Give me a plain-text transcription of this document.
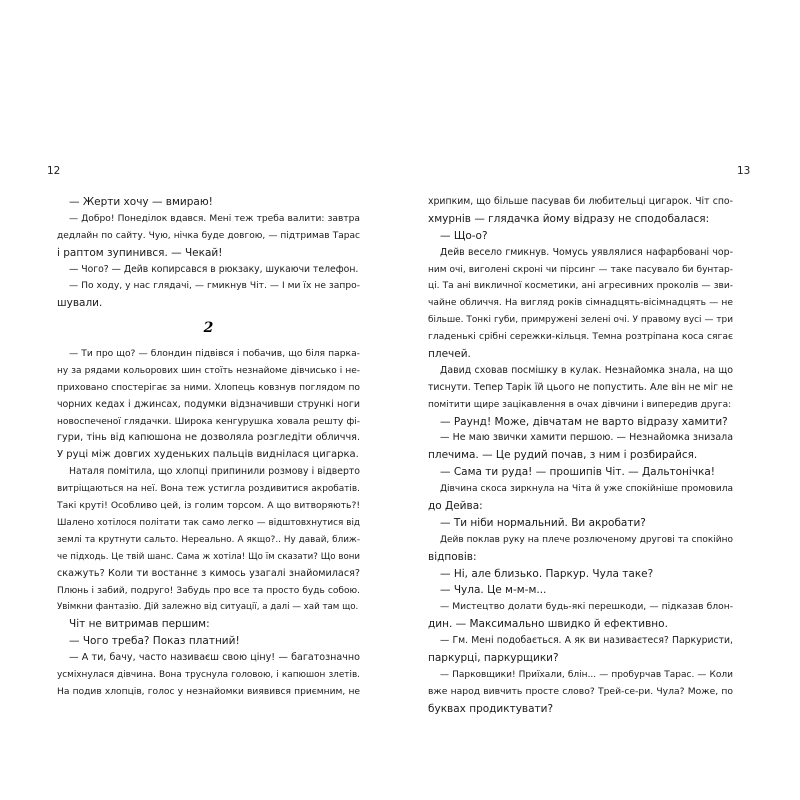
12
— Жерти хочу — вмираю!
— Добро! Понеділок вдався. Мені теж треба валити: завтра
дедлайн по сайту. Чую, нічка буде довгою, — підтримав Тарас
і раптом зупинився. — Чекай!
— Чого? — Дейв копирсався в рюкзаку, шукаючи телефон.
— По ходу, у нас глядачі, — гмикнув Чіт. — І ми їх не запро-
шували.
2
— Ти про що? — блондин підвівся і побачив, що біля парка-
ну за рядами кольорових шин стоїть незнайоме дівчисько і не-
приховано спостерігає за ними. Хлопець ковзнув поглядом по
чорних кедах і джинсах, подумки відзначивши стрункі ноги
новоспеченої глядачки. Широка кенгурушка ховала решту фі-
гури, тінь від капюшона не дозволяла розгледіти обличчя.
У руці між довгих худеньких пальців виднілася цигарка.
Наталя помітила, що хлопці припинили розмову і відверто
витріщаються на неї. Вона теж устигла роздивитися акробатів.
Такі круті! Особливо цей, із голим торсом. А що витворяють?!
Шалено хотілося політати так само легко — відштовхнутися від
землі та крутнути сальто. Нереально. А якщо?.. Ну давай, ближ-
че підходь. Це твій шанс. Сама ж хотіла! Що їм сказати? Що вони
скажуть? Коли ти востаннє з кимось узагалі знайомилася?
Плюнь і забий, подруго! Забудь про все та просто будь собою.
Увімкни фантазію. Дій залежно від ситуації, а далі — хай там що.
Чіт не витримав першим:
— Чого треба? Показ платний!
— А ти, бачу, часто називаєш свою ціну! — багатозначно
усміхнулася дівчина. Вона труснула головою, і капюшон злетів.
На подив хлопців, голос у незнайомки виявився приємним, не
13
хрипким, що більше пасував би любительці цигарок. Чіт спо-
хмурнів — глядачка йому відразу не сподобалася:
— Що-о?
Дейв весело гмикнув. Чомусь уявлялися нафарбовані чор-
ним очі, виголені скроні чи пірсинг — таке пасувало би бунтар-
ці. Та ані викличної косметики, ані агресивних проколів — зви-
чайне обличчя. На вигляд років сімнадцять-вісімнадцять — не
більше. Тонкі губи, примружені зелені очі. У правому вусі — три
гладенькі срібні сережки-кільця. Темна розтріпана коса сягає
плечей.
Давид сховав посмішку в кулак. Незнайомка знала, на що
тиснути. Тепер Тарік їй цього не попустить. Але він не міг не
помітити щире зацікавлення в очах дівчини і випередив друга:
— Раунд! Може, дівчатам не варто відразу хамити?
— Не маю звички хамити першою. — Незнайомка знизала
плечима. — Це рудий почав, з ним і розбирайся.
— Сама ти руда! — прошипів Чіт. — Дальтонічка!
Дівчина скоса зиркнула на Чіта й уже спокійніше промовила
до Дейва:
— Ти ніби нормальний. Ви акробати?
Дейв поклав руку на плече розлюченому другові та спокійно
відповів:
— Ні, але близько. Паркур. Чула таке?
— Чула. Це м-м-м...
— Мистецтво долати будь-які перешкоди, — підказав блон-
дин. — Максимально швидко й ефективно.
— Гм. Мені подобається. А як ви називаєтеся? Паркуристи,
паркурці, паркурщики?
— Парковщики! Приїхали, блін... — пробурчав Тарас. — Коли
вже народ вивчить просте слово? Трей-се-ри. Чула? Може, по
буквах продиктувати?
